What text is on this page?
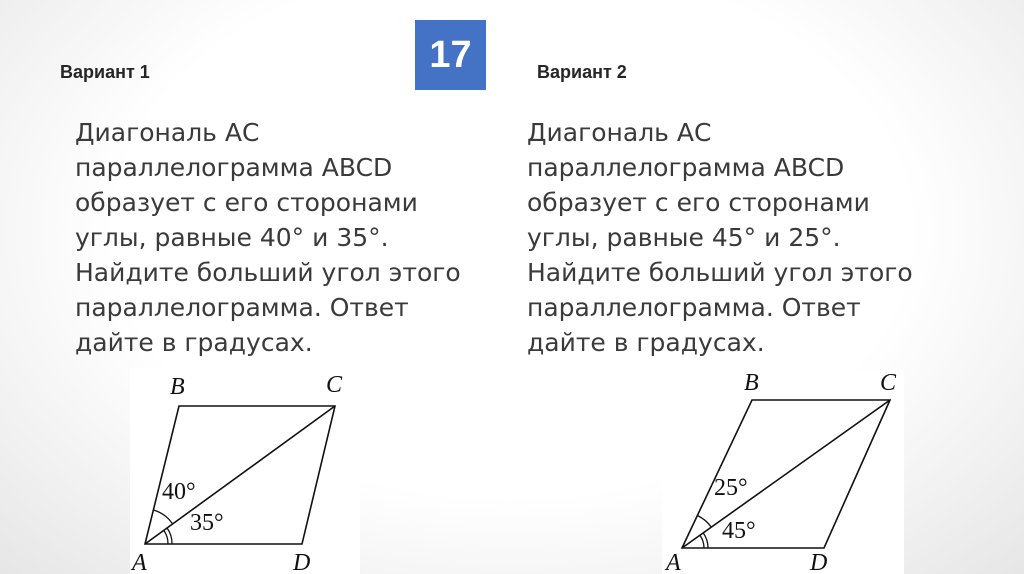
17
Вариант 1	Вариант 2
Диагональ АС
параллелограмма ABCD
образует с его сторонами
углы, равные 40° и 35°.
Найдите больший угол этого
параллелограмма. Ответ
дайте в градусах.
Диагональ АС
параллелограмма ABCD
образует с его сторонами
углы, равные 45° и 25°.
Найдите больший угол этого
параллелограмма. Ответ
дайте в градусах.
B	C
A	D
40°
35°
B	C
A	D
25°
45°
